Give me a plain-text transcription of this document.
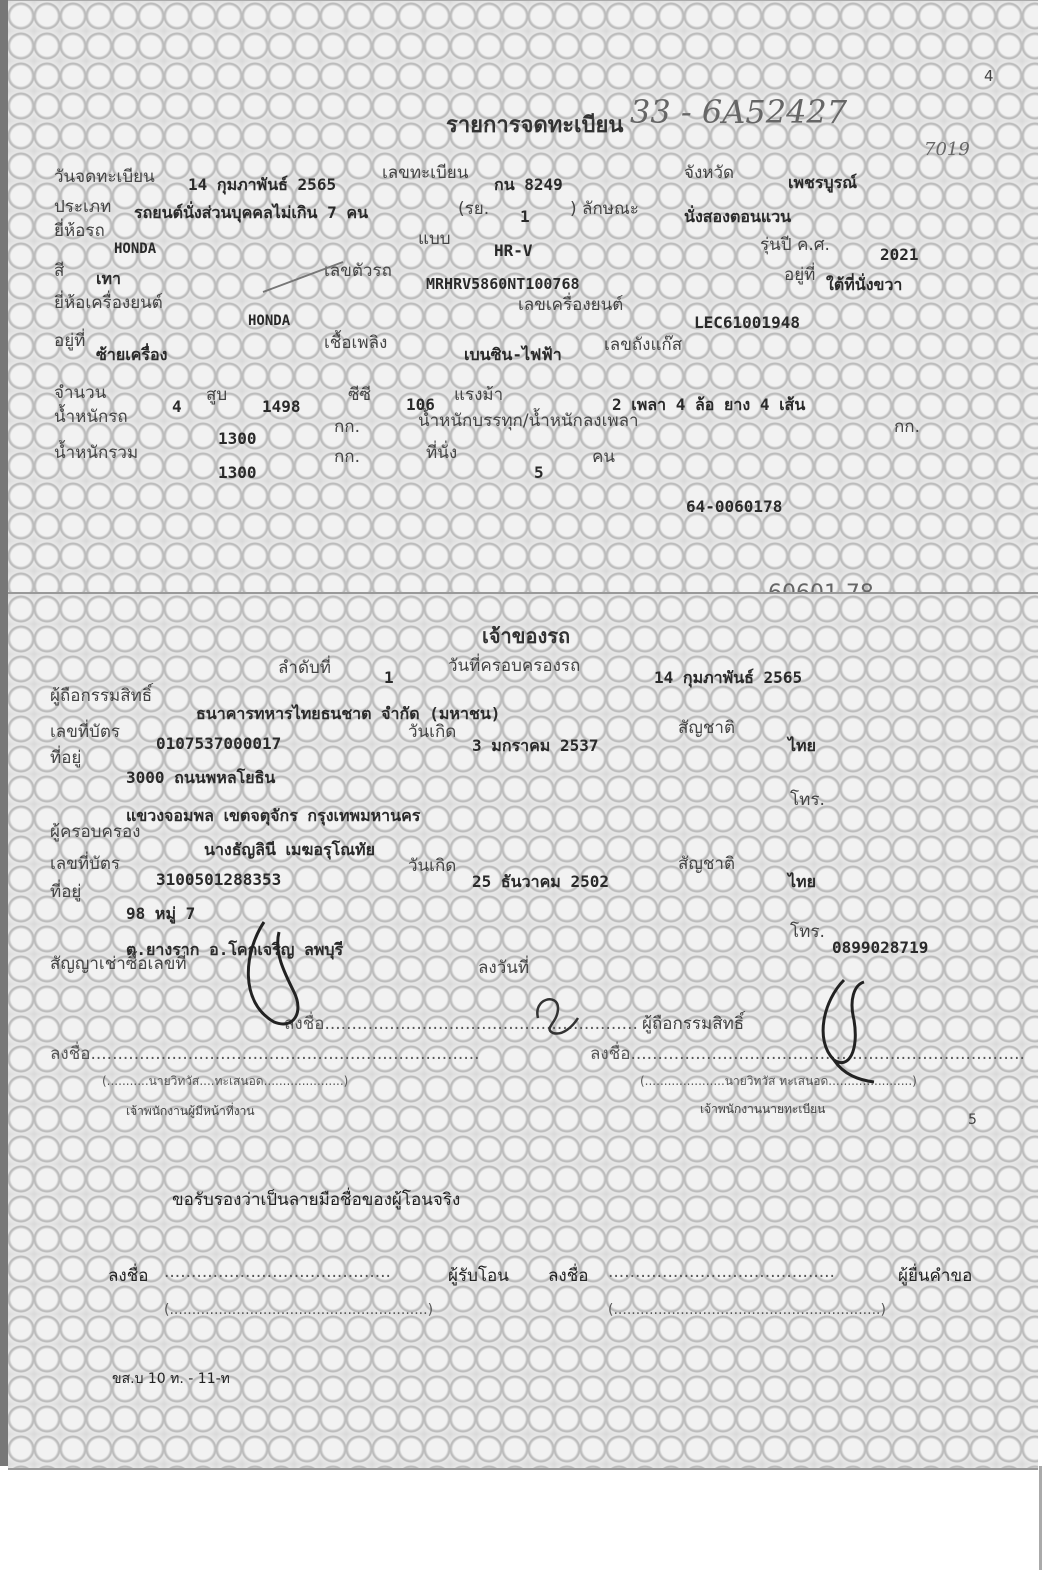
4
รายการจดทะเบียน 33 - 6A52427
7019
วันจดทะเบียน 14 กุมภาพันธ์ 2565
เลขทะเบียน
กน 8249
จังหวัด	เพชรบูรณ์
ประเภท รถยนต์นั่งส่วนบุคคลไม่เกิน 7 คน	(รย. 1 ) ลักษณะ	นั่งสองตอนแวน
ยี่ห้อรถ
HONDA	แบบ
HR-V	รุ่นปี ค.ศ.	2021
สี เทา	เลขตัวรถ
MRHRV5860NT100768	อยู่ที่ ใต้ที่นั่งขวา
ยี่ห้อเครื่องยนต์	เลขเครื่องยนต์
HONDA	LEC61001948
อยู่ที่
ซ้ายเครื่อง
เชื้อเพลิง
เบนซิน-ไฟฟ้า เลขถังแก๊ส
จำนวน
4
สูบ
1498
ซีซี 106 แรงม้า	2 เพลา 4 ล้อ ยาง 4 เส้น
น้ำหนักรถ
1300
กก.	น้ำหนักบรรทุก/น้ำหนักลงเพลา	กก.
น้ำหนักรวม
1300
กก.	ที่นั่ง
5
คน
64-0060178
เจ้าของรถ
ลำดับที่	1
วันที่ครอบครองรถ
14 กุมภาพันธ์ 2565
ผู้ถือกรรมสิทธิ์
ธนาคารทหารไทยธนชาต จำกัด (มหาชน)
เลขที่บัตร	วันเกิด	สัญชาติ
0107537000017	3 มกราคม 2537	ไทย
ที่อยู่
3000 ถนนพหลโยธิน
โทร.
แขวงจอมพล เขตจตุจักร กรุงเทพมหานคร
ผู้ครอบครอง
นางธัญลินี เมฆอรุโณทัย
เลขที่บัตร	วันเกิด	สัญชาติ
3100501288353	25 ธันวาคม 2502	ไทย
ที่อยู่
98 หมู่ 7
โทร.
ต.ยางราก อ.โคกเจริญ ลพบุรี	0899028719
สัญญาเช่าซื้อเลขที่	ลงวันที่
ลงชื่อ.......................................................... ผู้ถือกรรมสิทธิ์
ลงชื่อ........................................................................	ลงชื่อ.........................................................................
(...........นายวิทวัส....ทะเสนอด.....................)	(.....................นายวิทวัส ทะเสนอด......................)
เจ้าพนักงานผู้มีหน้าที่งาน	เจ้าพนักงานนายทะเบียน
5
ขอรับรองว่าเป็นลายมือชื่อของผู้โอนจริง
ลงชื่อ ..........................................	ผู้รับโอน ลงชื่อ ..........................................	ผู้ยื่นคำขอ
(..........................................................)	(............................................................)
ขส.บ 10 ท. - 11-ท
